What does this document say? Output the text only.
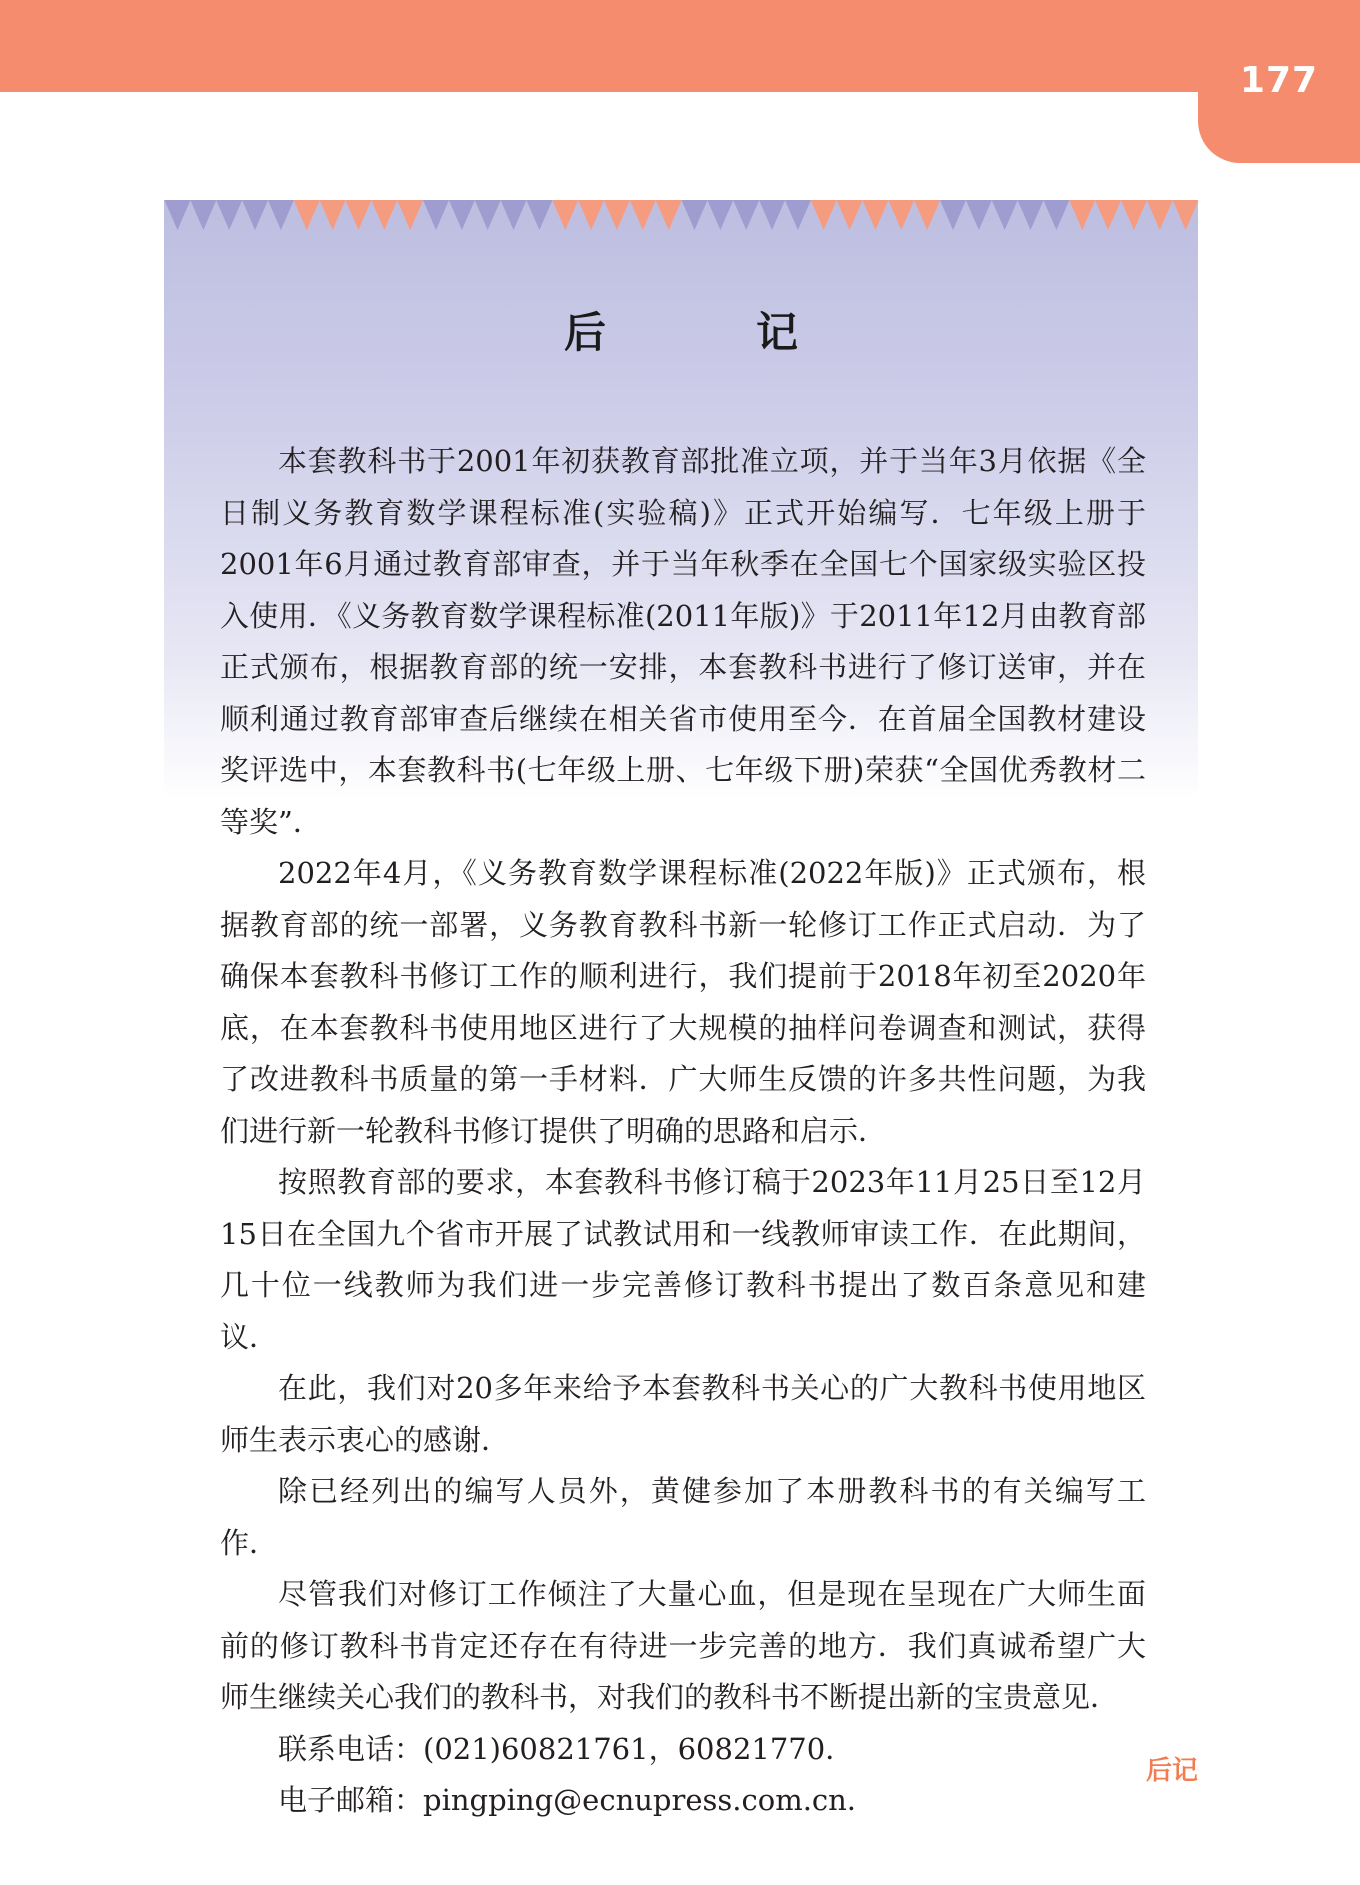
177
后　记

本套教科书于2001年初获教育部批准立项，并于当年3月依据《全日制义务教育数学课程标准(实验稿)》正式开始编写．七年级上册于2001年6月通过教育部审查，并于当年秋季在全国七个国家级实验区投入使用．《义务教育数学课程标准(2011年版)》于2011年12月由教育部正式颁布，根据教育部的统一安排，本套教科书进行了修订送审，并在顺利通过教育部审查后继续在相关省市使用至今．在首届全国教材建设奖评选中，本套教科书(七年级上册、七年级下册)荣获“全国优秀教材二等奖”．

2022年4月，《义务教育数学课程标准(2022年版)》正式颁布，根据教育部的统一部署，义务教育教科书新一轮修订工作正式启动．为了确保本套教科书修订工作的顺利进行，我们提前于2018年初至2020年底，在本套教科书使用地区进行了大规模的抽样问卷调查和测试，获得了改进教科书质量的第一手材料．广大师生反馈的许多共性问题，为我们进行新一轮教科书修订提供了明确的思路和启示．

按照教育部的要求，本套教科书修订稿于2023年11月25日至12月15日在全国九个省市开展了试教试用和一线教师审读工作．在此期间，几十位一线教师为我们进一步完善修订教科书提出了数百条意见和建议．

在此，我们对20多年来给予本套教科书关心的广大教科书使用地区师生表示衷心的感谢．

除已经列出的编写人员外，黄健参加了本册教科书的有关编写工作．

尽管我们对修订工作倾注了大量心血，但是现在呈现在广大师生面前的修订教科书肯定还存在有待进一步完善的地方．我们真诚希望广大师生继续关心我们的教科书，对我们的教科书不断提出新的宝贵意见．

联系电话：(021)60821761，60821770．

电子邮箱：pingping@ecnupress.com.cn．

后记
